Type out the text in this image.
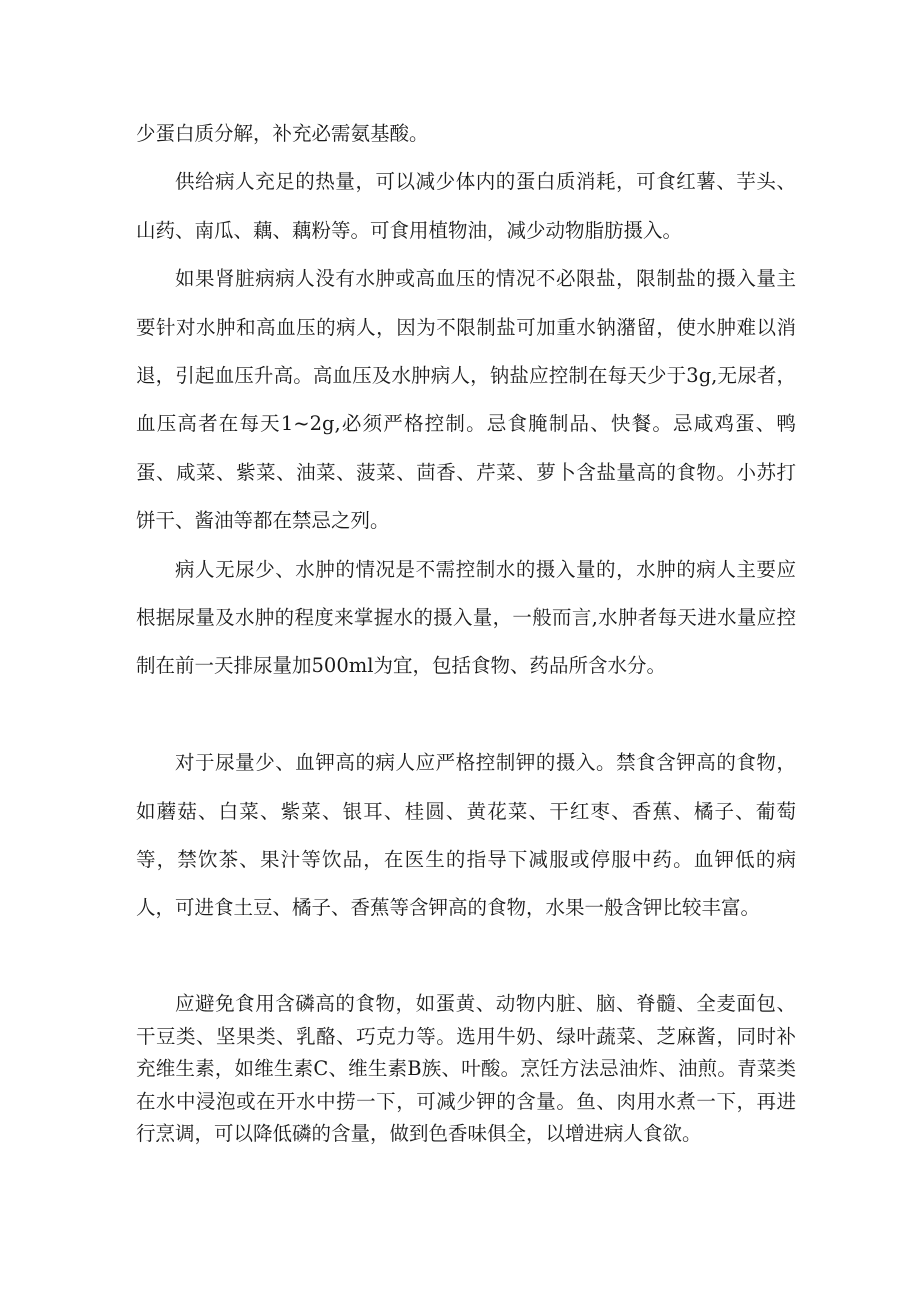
少蛋白质分解，补充必需氨基酸。

供给病人充足的热量，可以减少体内的蛋白质消耗，可食红薯、芋头、山药、南瓜、藕、藕粉等。可食用植物油，减少动物脂肪摄入。

如果肾脏病病人没有水肿或高血压的情况不必限盐，限制盐的摄入量主要针对水肿和高血压的病人，因为不限制盐可加重水钠潴留，使水肿难以消退，引起血压升高。高血压及水肿病人，钠盐应控制在每天少于3g,无尿者，血压高者在每天1~2g,必须严格控制。忌食腌制品、快餐。忌咸鸡蛋、鸭蛋、咸菜、紫菜、油菜、菠菜、茴香、芹菜、萝卜含盐量高的食物。小苏打饼干、酱油等都在禁忌之列。

病人无尿少、水肿的情况是不需控制水的摄入量的，水肿的病人主要应根据尿量及水肿的程度来掌握水的摄入量，一般而言,水肿者每天进水量应控制在前一天排尿量加500ml为宜，包括食物、药品所含水分。

对于尿量少、血钾高的病人应严格控制钾的摄入。禁食含钾高的食物，如蘑菇、白菜、紫菜、银耳、桂圆、黄花菜、干红枣、香蕉、橘子、葡萄等，禁饮茶、果汁等饮品，在医生的指导下减服或停服中药。血钾低的病人，可进食土豆、橘子、香蕉等含钾高的食物，水果一般含钾比较丰富。

应避免食用含磷高的食物，如蛋黄、动物内脏、脑、脊髓、全麦面包、干豆类、坚果类、乳酪、巧克力等。选用牛奶、绿叶蔬菜、芝麻酱，同时补充维生素，如维生素C、维生素B族、叶酸。烹饪方法忌油炸、油煎。青菜类在水中浸泡或在开水中捞一下，可减少钾的含量。鱼、肉用水煮一下，再进行烹调，可以降低磷的含量，做到色香味俱全，以增进病人食欲。
